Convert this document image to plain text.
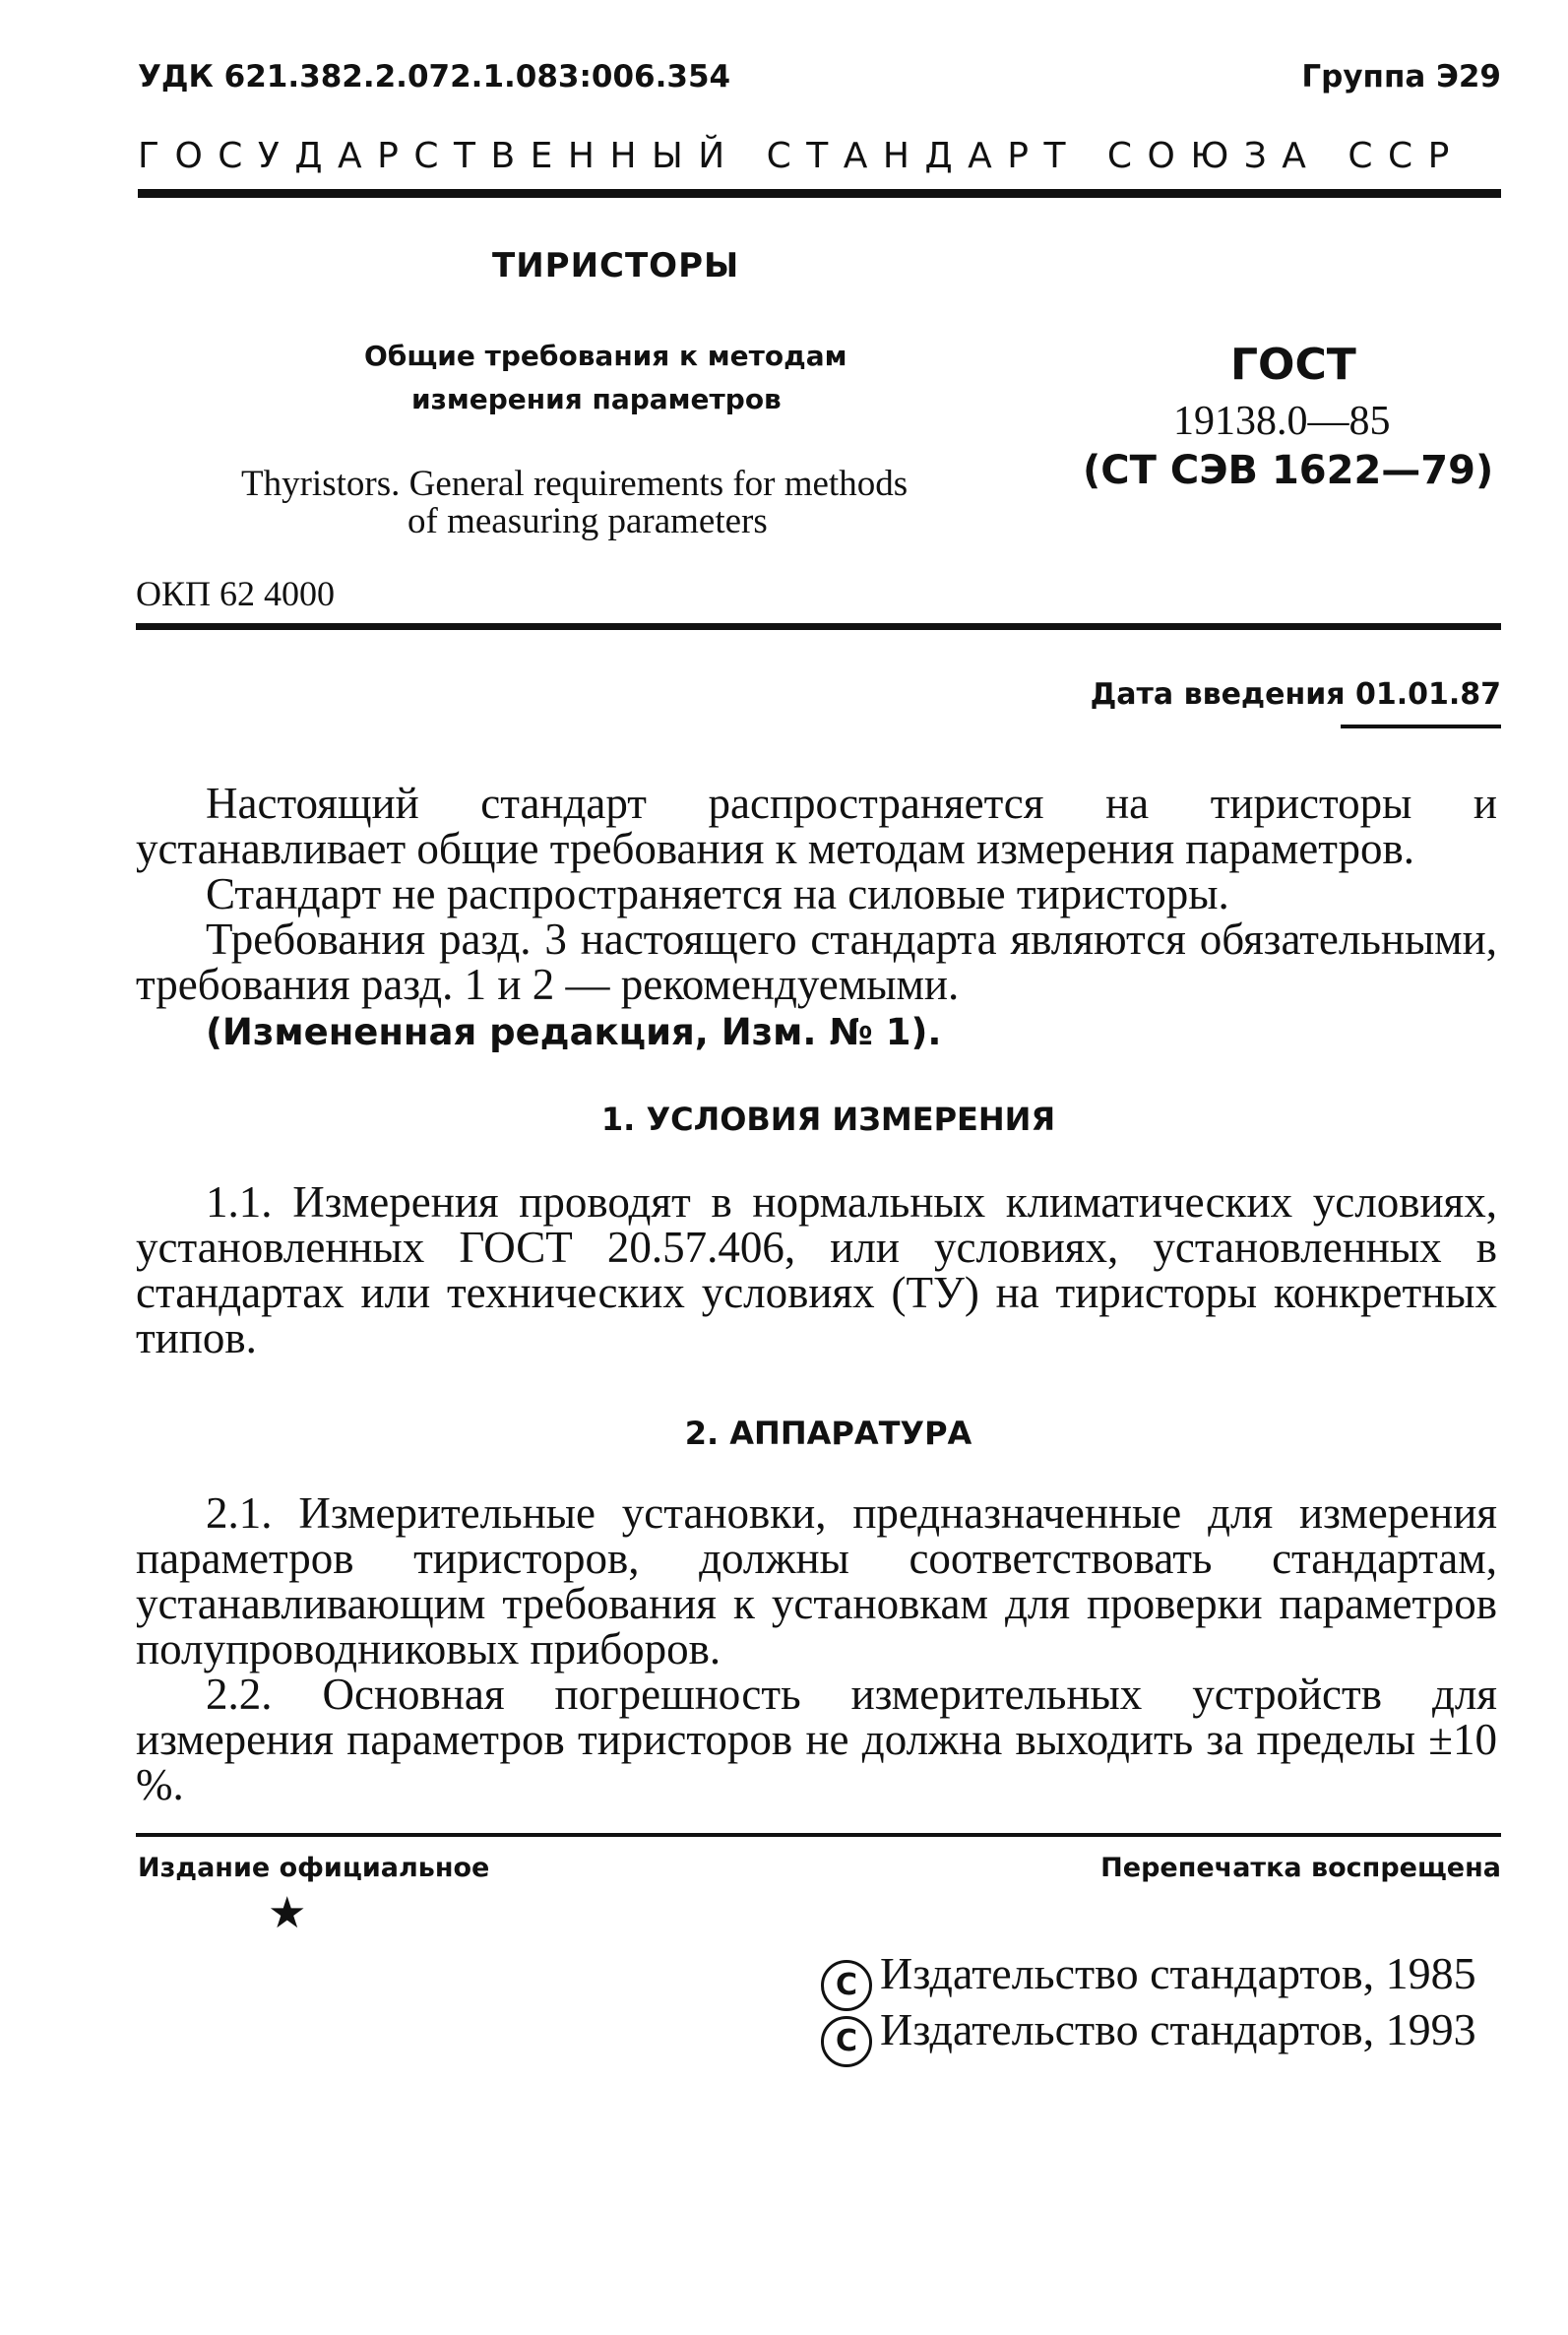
УДК 621.382.2.072.1.083:006.354	Группа Э29
ГОСУДАРСТВЕННЫЙ СТАНДАРТ СОЮЗА ССР
ТИРИСТОРЫ
Общие требования к методам
измерения параметров
Thyristors. General requirements for methods
of measuring parameters
ГОСТ
19138.0—85
(СТ СЭВ 1622—79)
ОКП 62 4000
Дата введения 01.01.87

Настоящий стандарт распространяется на тиристоры и устанавливает общие требования к методам измерения параметров.

Стандарт не распространяется на силовые тиристоры.

Требования разд. 3 настоящего стандарта являются обязательными, требования разд. 1 и 2 — рекомендуемыми.

(Измененная редакция, Изм. № 1).

1. УСЛОВИЯ ИЗМЕРЕНИЯ

1.1. Измерения проводят в нормальных климатических условиях, установленных ГОСТ 20.57.406, или условиях, установленных в стандартах или технических условиях (ТУ) на тиристоры конкретных типов.

2. АППАРАТУРА

2.1. Измерительные установки, предназначенные для измерения параметров тиристоров, должны соответствовать стандартам, устанавливающим требования к установкам для проверки параметров полупроводниковых приборов.

2.2. Основная погрешность измерительных устройств для измерения параметров тиристоров не должна выходить за пределы ±10 %.

Издание официальное	Перепечатка воспрещена
★
C Издательство стандартов, 1985
C Издательство стандартов, 1993
